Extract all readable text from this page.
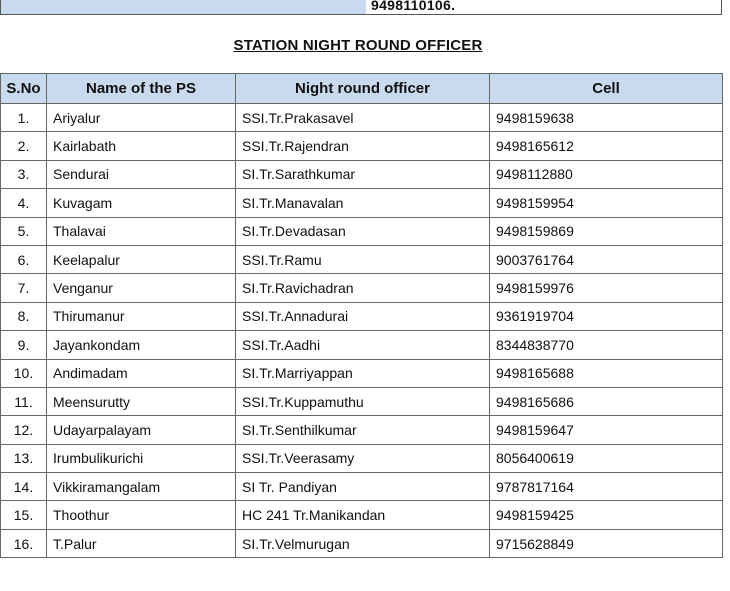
9498110106.
STATION NIGHT ROUND OFFICER
S.No	Name of the PS	Night round officer	Cell
1.	Ariyalur	SSI.Tr.Prakasavel	9498159638
2.	Kairlabath	SSI.Tr.Rajendran	9498165612
3.	Sendurai	SI.Tr.Sarathkumar	9498112880
4.	Kuvagam	SI.Tr.Manavalan	9498159954
5.	Thalavai	SI.Tr.Devadasan	9498159869
6.	Keelapalur	SSI.Tr.Ramu	9003761764
7.	Venganur	SI.Tr.Ravichadran	9498159976
8.	Thirumanur	SSI.Tr.Annadurai	9361919704
9.	Jayankondam	SSI.Tr.Aadhi	8344838770
10.	Andimadam	SI.Tr.Marriyappan	9498165688
11.	Meensurutty	SSI.Tr.Kuppamuthu	9498165686
12.	Udayarpalayam	SI.Tr.Senthilkumar	9498159647
13.	Irumbulikurichi	SSI.Tr.Veerasamy	8056400619
14.	Vikkiramangalam	SI Tr. Pandiyan	9787817164
15.	Thoothur	HC 241 Tr.Manikandan	9498159425
16.	T.Palur	SI.Tr.Velmurugan	9715628849
